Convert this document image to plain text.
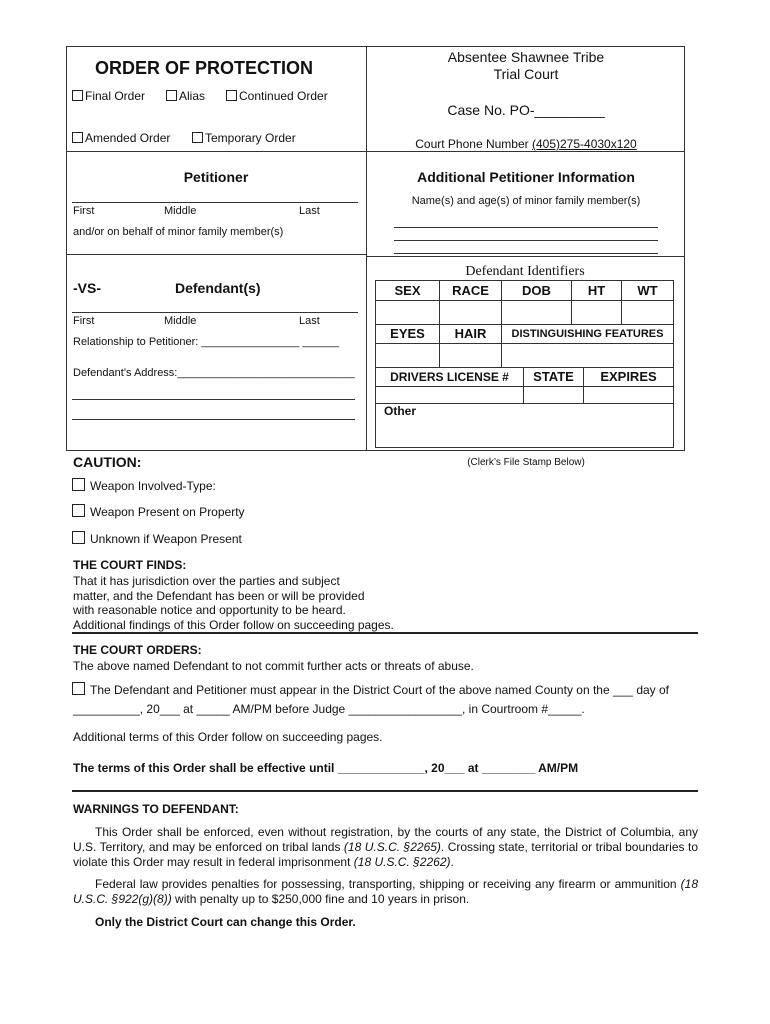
ORDER OF PROTECTION
Final Order	Alias	Continued Order
Amended Order	Temporary Order
Absentee Shawnee Tribe
Trial Court
Case No. PO-_________
Court Phone Number (405)275-4030x120
Petitioner
First	Middle	Last
and/or on behalf of minor family member(s)
Additional Petitioner Information
Name(s) and age(s) of minor family member(s)
-VS-	Defendant(s)
First	Middle	Last
Relationship to Petitioner: ________________ ______
Defendant’s Address:_____________________________
Defendant Identifiers
SEX	RACE	DOB	HT	WT
EYES	HAIR	DISTINGUISHING FEATURES
DRIVERS LICENSE #	STATE	EXPIRES
Other
(Clerk’s File Stamp Below)
CAUTION:
Weapon Involved-Type:
Weapon Present on Property
Unknown if Weapon Present
THE COURT FINDS:
That it has jurisdiction over the parties and subject
matter, and the Defendant has been or will be provided
with reasonable notice and opportunity to be heard.
Additional findings of this Order follow on succeeding pages.
THE COURT ORDERS:
The above named Defendant to not commit further acts or threats of abuse.
The Defendant and Petitioner must appear in the District Court of the above named County on the ___ day of
__________, 20___ at _____ AM/PM before Judge _________________, in Courtroom #_____.
Additional terms of this Order follow on succeeding pages.
The terms of this Order shall be effective until _____________, 20___ at ________ AM/PM
WARNINGS TO DEFENDANT:
This Order shall be enforced, even without registration, by the courts of any state, the District of Columbia, any U.S. Territory, and may be enforced on tribal lands (18 U.S.C. §2265). Crossing state, territorial or tribal boundaries to violate this Order may result in federal imprisonment (18 U.S.C. §2262).
Federal law provides penalties for possessing, transporting, shipping or receiving any firearm or ammunition (18 U.S.C. §922(g)(8)) with penalty up to $250,000 fine and 10 years in prison.
Only the District Court can change this Order.
